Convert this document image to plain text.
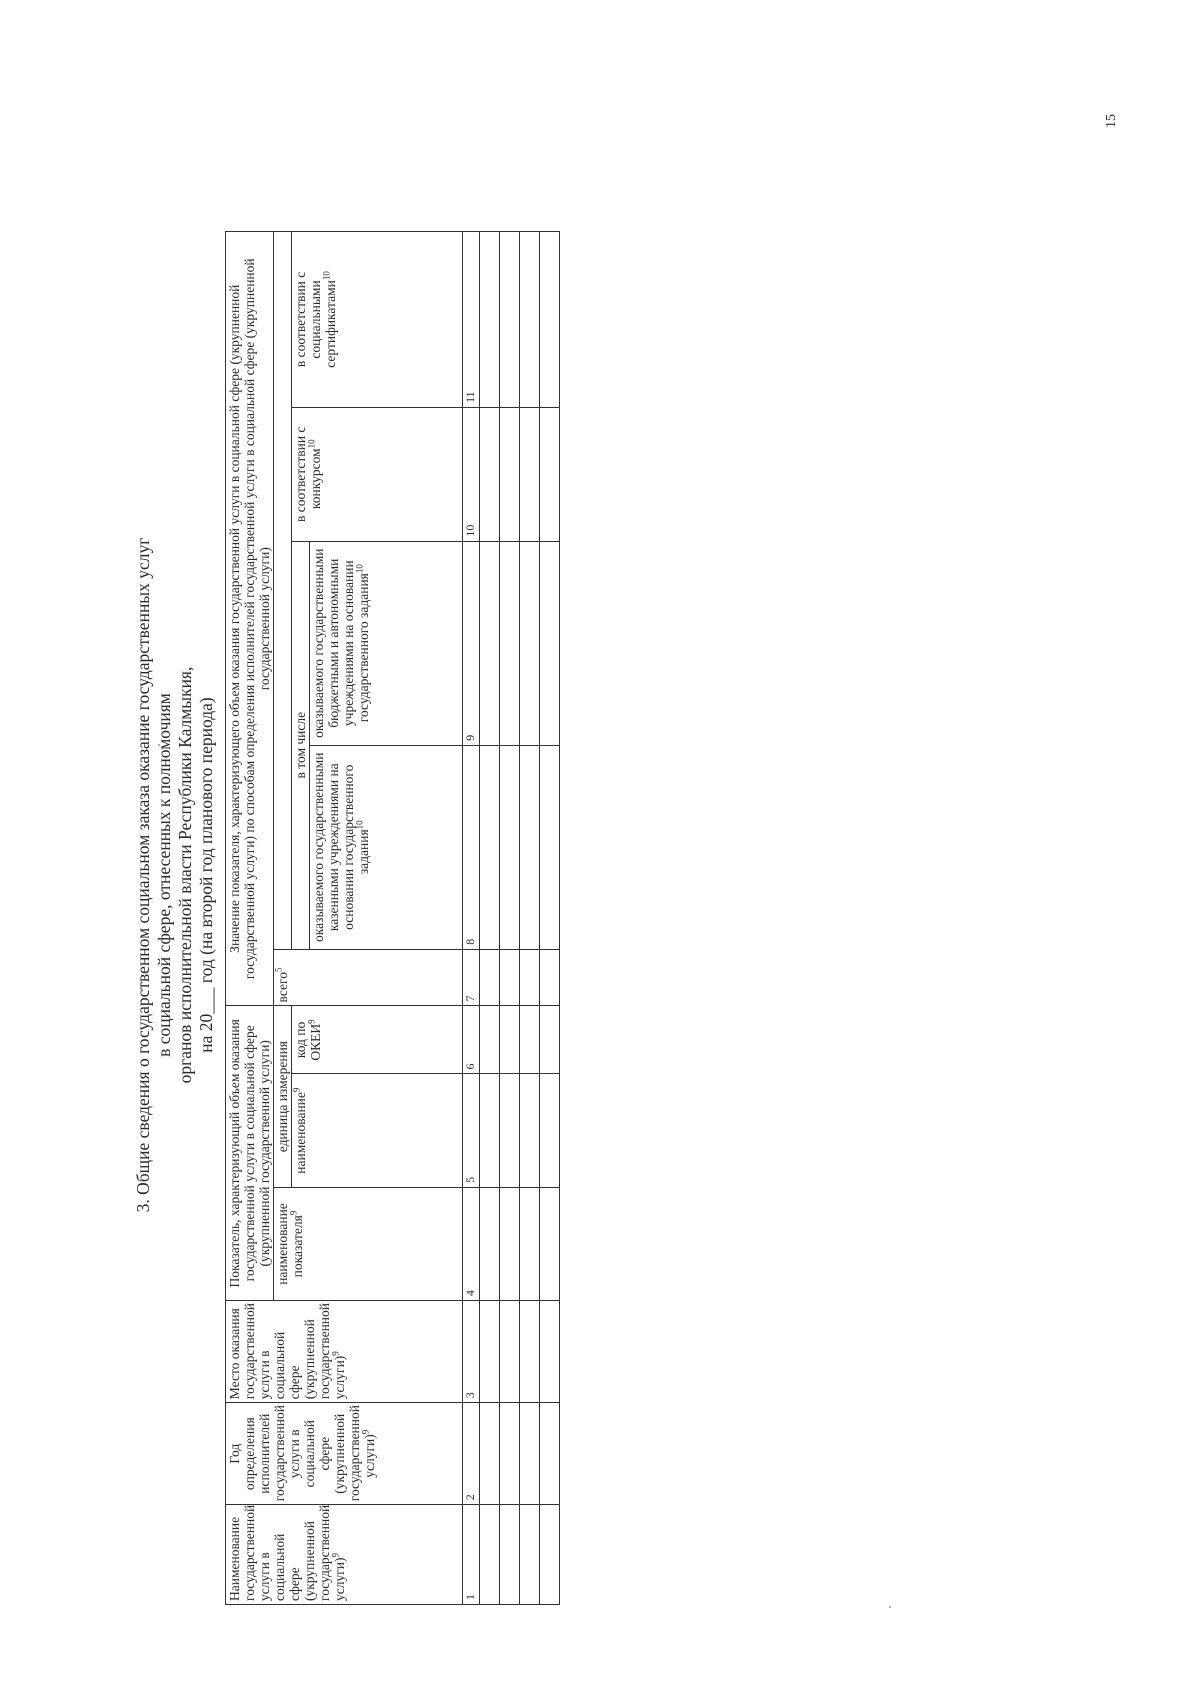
15
3. Общие сведения о государственном социальном заказа оказание государственных услуг в социальной сфере, отнесенных к полномочиям органов исполнительной власти Республики Калмыкия, на 20___ год (на второй год планового периода)
Наименование государственной услуги в социальной сфере (укрупненной государственной услуги)$^9$	Год определения исполнителей государственной услуги в социальной сфере (укрупненной государственной услуги)$^9$	Место оказания государственной услуги в социальной сфере (укрупненной государственной услуги)$^9$	Показатель, характеризующий объем оказания государственной услуги в социальной сфере (укрупненной государственной услуги)			Значение показателя, характеризующего объем оказания государственной услуги в социальной сфере (укрупненной государственной услуги) по способам определения исполнителей государственной услуги в социальной сфере (укрупненной государственной услуги)				
			наименование показателя$^9$	единица измерения		всего$^5$	
				наименование$^9$	код по ОКЕИ$^9$		в том числе		в соответствии с конкурсом$^{10}$	в соответствии с социальными сертификатами$^{10}$
							оказываемого государственными казенными учреждениями на основании государственного задания$^{10}$	оказываемого государственными бюджетными и автономными учреждениями на основании государственного задания$^{10}$
1	2	3	4	5	6	7	8	9	10	11
